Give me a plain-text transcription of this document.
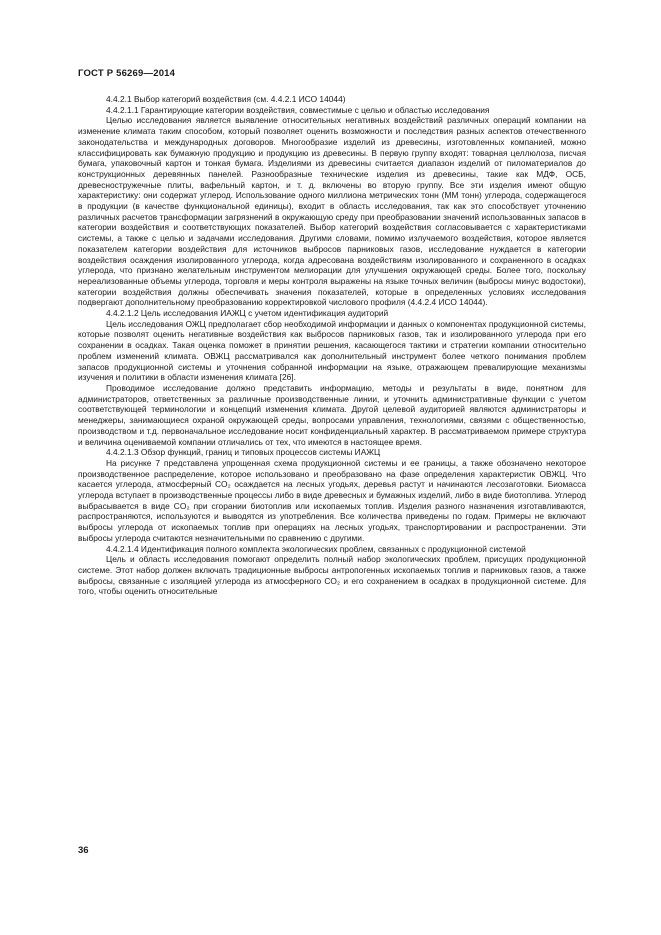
ГОСТ Р 56269—2014

4.4.2.1 Выбор категорий воздействия (см. 4.4.2.1 ИСО 14044)

4.4.2.1.1 Гарантирующие категории воздействия, совместимые с целью и областью исследования

Целью исследования является выявление относительных негативных воздействий различных операций компании на изменение климата таким способом, который позволяет оценить возможности и последствия разных аспектов отечественного законодательства и международных договоров. Многообразие изделий из древесины, изготовленных компанией, можно классифицировать как бумажную продукцию и продукцию из древесины. В первую группу входят: товарная целлюлоза, писчая бумага, упаковочный картон и тонкая бумага. Изделиями из древесины считается диапазон изделий от пиломатериалов до конструкционных деревянных панелей. Разнообразные технические изделия из древесины, такие как МДФ, ОСБ, древесностружечные плиты, вафельный картон, и т. д. включены во вторую группу. Все эти изделия имеют общую характеристику: они содержат углерод. Использование одного миллиона метрических тонн (ММ тонн) углерода, содержащегося в продукции (в качестве функциональной единицы), входит в область исследования, так как это способствует уточнению различных расчетов трансформации загрязнений в окружающую среду при преобразовании значений использованных запасов в категории воздействия и соответствующих показателей. Выбор категорий воздействия согласовывается с характеристиками системы, а также с целью и задачами исследования. Другими словами, помимо излучаемого воздействия, которое является показателем категории воздействия для источников выбросов парниковых газов, исследование нуждается в категории воздействия осаждения изолированного углерода, когда адресована воздействиям изолированного и сохраненного в осадках углерода, что признано желательным инструментом мелиорации для улучшения окружающей среды. Более того, поскольку нереализованные объемы углерода, торговля и меры контроля выражены на языке точных величин (выбросы минус водостоки), категории воздействия должны обеспечивать значения показателей, которые в определенных условиях исследования подвергают дополнительному преобразованию корректировкой числового профиля (4.4.2.4 ИСО 14044).

4.4.2.1.2 Цель исследования ИАЖЦ с учетом идентификация аудиторий

Цель исследования ОЖЦ предполагает сбор необходимой информации и данных о компонентах продукционной системы, которые позволят оценить негативные воздействия как выбросов парниковых газов, так и изолированного углерода при его сохранении в осадках. Такая оценка поможет в принятии решения, касающегося тактики и стратегии компании относительно проблем изменений климата. ОВЖЦ рассматривался как дополнительный инструмент более четкого понимания проблем запасов продукционной системы и уточнения собранной информации на языке, отражающем превалирующие механизмы изучения и политики в области изменения климата [26].

Проводимое исследование должно представить информацию, методы и результаты в виде, понятном для администраторов, ответственных за различные производственные линии, и уточнить административные функции с учетом соответствующей терминологии и концепций изменения климата. Другой целевой аудиторией являются администраторы и менеджеры, занимающиеся охраной окружающей среды, вопросами управления, технологиями, связями с общественностью, производством и т.д. первоначальное исследование носит конфиденциальный характер. В рассматриваемом примере структура и величина оцениваемой компании отличались от тех, что имеются в настоящее время.

4.4.2.1.3 Обзор функций, границ и типовых процессов системы ИАЖЦ

На рисунке 7 представлена упрощенная схема продукционной системы и ее границы, а также обозначено некоторое производственное распределение, которое использовано и преобразовано на фазе определения характеристик ОВЖЦ. Что касается углерода, атмосферный CO₂ осаждается на лесных угодьях, деревья растут и начинаются лесозаготовки. Биомасса углерода вступает в производственные процессы либо в виде древесных и бумажных изделий, либо в виде биотоплива. Углерод выбрасывается в виде CO₂ при сгорании биотоплив или ископаемых топлив. Изделия разного назначения изготавливаются, распространяются, используются и выводятся из употребления. Все количества приведены по годам. Примеры не включают выбросы углерода от ископаемых топлив при операциях на лесных угодьях, транспортировании и распространении. Эти выбросы углерода считаются незначительными по сравнению с другими.

4.4.2.1.4 Идентификация полного комплекта экологических проблем, связанных с продукционной системой

Цель и область исследования помогают определить полный набор экологических проблем, присущих продукционной системе. Этот набор должен включать традиционные выбросы антропогенных ископаемых топлив и парниковых газов, а также выбросы, связанные с изоляцией углерода из атмосферного CO₂ и его сохранением в осадках в продукционной системе. Для того, чтобы оценить относительные

36
